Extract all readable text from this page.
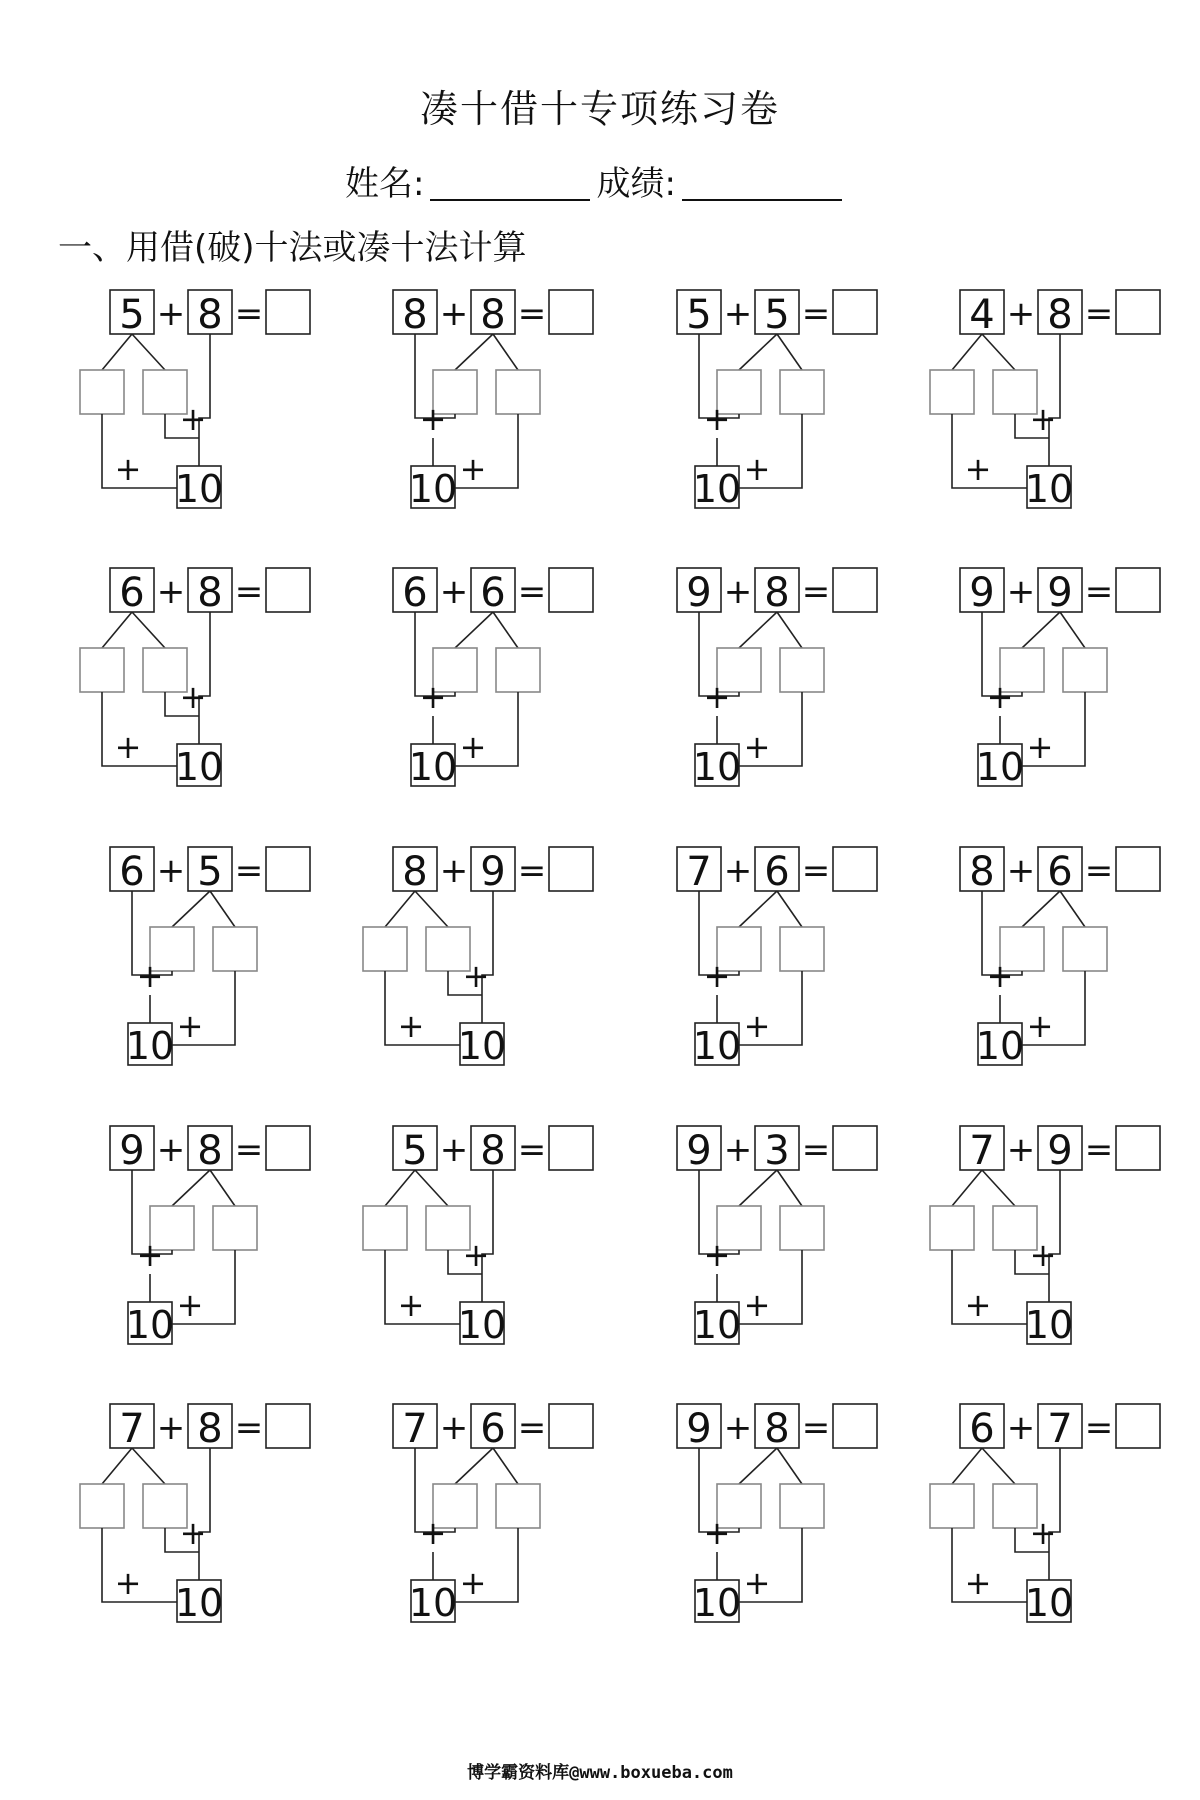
凑十借十专项练习卷
姓名:	成绩:
一、用借(破)十法或凑十法计算
5 + 8 =
10
+
+
8 + 8 =
10
+
+
5 + 5 =
10
+
+
4 + 8 =
10
+
+
6 + 8 =
10
+
+
6 + 6 =
10
+
+
9 + 8 =
10
+
+
9 + 9 =
10
+
+
6 + 5 =
10
+
+
8 + 9 =
10
+
+
7 + 6 =
10
+
+
8 + 6 =
10
+
+
9 + 8 =
10
+
+
5 + 8 =
10
+
+
9 + 3 =
10
+
+
7 + 9 =
10
+
+
7 + 8 =
10
+
+
7 + 6 =
10
+
+
9 + 8 =
10
+
+
6 + 7 =
10
+
+
博学霸资料库@www.boxueba.com
